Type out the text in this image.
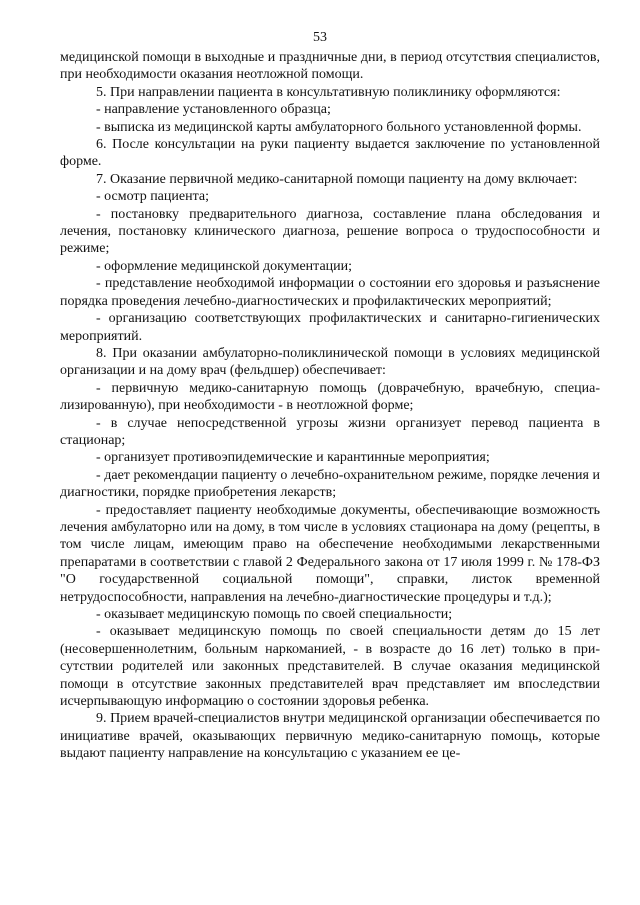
53

медицинской помощи в выходные и праздничные дни, в период отсутствия специалистов, при необходимости оказания неотложной помощи.

5. При направлении пациента в консультативную поликлинику оформляются:

- направление установленного образца;

- выписка из медицинской карты амбулаторного больного установленной формы.

6. После консультации на руки пациенту выдается заключение по установленной форме.

7. Оказание первичной медико-санитарной помощи пациенту на дому включает:

- осмотр пациента;

- постановку предварительного диагноза, составление плана обследования и лечения, постановку клинического диагноза, решение вопроса о трудоспособности и режиме;

- оформление медицинской документации;

- представление необходимой информации о состоянии его здоровья и разъяснение порядка проведения лечебно-диагностических и профилактических мероприятий;

- организацию соответствующих профилактических и санитарно-гигиенических мероприятий.

8. При оказании амбулаторно-поликлинической помощи в условиях медицинской организации и на дому врач (фельдшер) обеспечивает:

- первичную медико-санитарную помощь (доврачебную, врачебную, специализированную), при необходимости - в неотложной форме;

- в случае непосредственной угрозы жизни организует перевод пациента в стационар;

- организует противоэпидемические и карантинные мероприятия;

- дает рекомендации пациенту о лечебно-охранительном режиме, порядке лечения и диагностики, порядке приобретения лекарств;

- предоставляет пациенту необходимые документы, обеспечивающие возможность лечения амбулаторно или на дому, в том числе в условиях стационара на дому (рецепты, в том числе лицам, имеющим право на обеспечение необходимыми лекарственными препаратами в соответствии с главой 2 Федерального закона от 17 июля 1999 г. № 178-ФЗ "О государственной социальной помощи", справки, листок временной нетрудоспособности, направления на лечебно-диагностические процедуры и т.д.);

- оказывает медицинскую помощь по своей специальности;

- оказывает медицинскую помощь по своей специальности детям до 15 лет (несовершеннолетним, больным наркоманией, - в возрасте до 16 лет) только в присутствии родителей или законных представителей. В случае оказания медицинской помощи в отсутствие законных представителей врач представляет им впоследствии исчерпывающую информацию о состоянии здоровья ребенка.

9. Прием врачей-специалистов внутри медицинской организации обеспечивается по инициативе врачей, оказывающих первичную медико-санитарную помощь, которые выдают пациенту направление на консультацию с указанием ее це-
